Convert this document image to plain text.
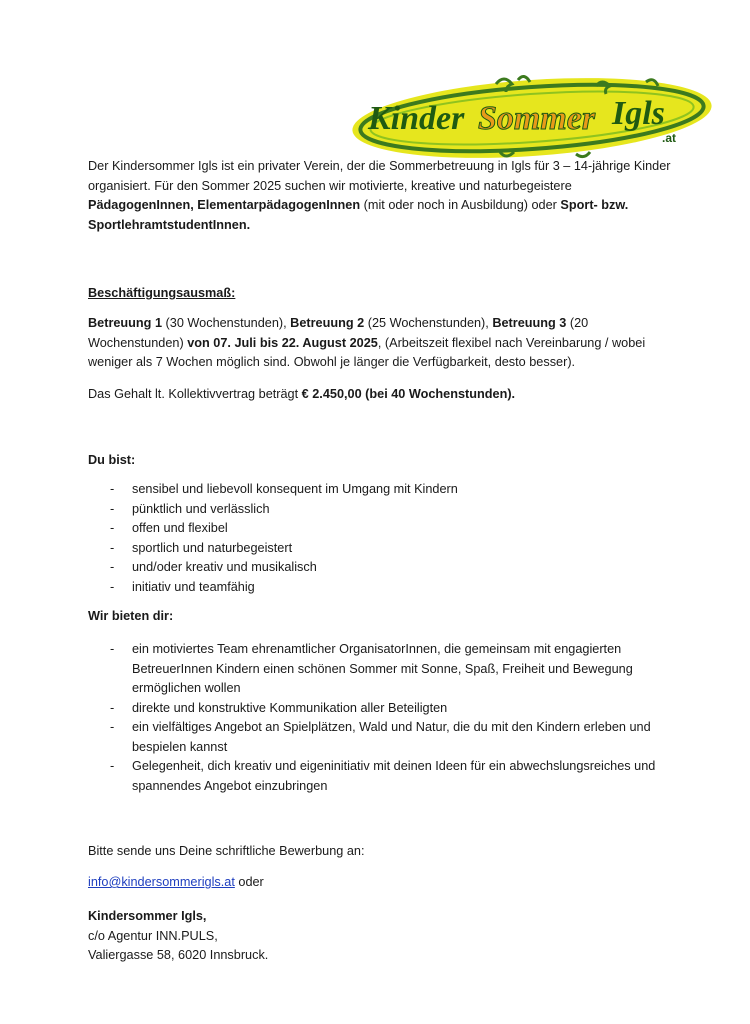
Kinder Sommer Igls
.at
Der Kindersommer Igls ist ein privater Verein, der die Sommerbetreuung in Igls für 3 – 14-jährige Kinder organisiert. Für den Sommer 2025 suchen wir motivierte, kreative und naturbegeistere PädagogenInnen, ElementarpädagogenInnen (mit oder noch in Ausbildung) oder Sport- bzw. SportlehramtstudentInnen.
Beschäftigungsausmaß:
Betreuung 1 (30 Wochenstunden), Betreuung 2 (25 Wochenstunden), Betreuung 3 (20 Wochenstunden) von 07. Juli bis 22. August 2025, (Arbeitszeit flexibel nach Vereinbarung / wobei weniger als 7 Wochen möglich sind. Obwohl je länger die Verfügbarkeit, desto besser).
Das Gehalt lt. Kollektivvertrag beträgt € 2.450,00 (bei 40 Wochenstunden).
Du bist:
- sensibel und liebevoll konsequent im Umgang mit Kindern
- pünktlich und verlässlich
- offen und flexibel
- sportlich und naturbegeistert
- und/oder kreativ und musikalisch
- initiativ und teamfähig
Wir bieten dir:
- ein motiviertes Team ehrenamtlicher OrganisatorInnen, die gemeinsam mit engagierten BetreuerInnen Kindern einen schönen Sommer mit Sonne, Spaß, Freiheit und Bewegung ermöglichen wollen
- direkte und konstruktive Kommunikation aller Beteiligten
- ein vielfältiges Angebot an Spielplätzen, Wald und Natur, die du mit den Kindern erleben und bespielen kannst
- Gelegenheit, dich kreativ und eigeninitiativ mit deinen Ideen für ein abwechslungsreiches und spannendes Angebot einzubringen
Bitte sende uns Deine schriftliche Bewerbung an:
info@kindersommerigls.at oder
Kindersommer Igls,
c/o Agentur INN.PULS,
Valiergasse 58, 6020 Innsbruck.
